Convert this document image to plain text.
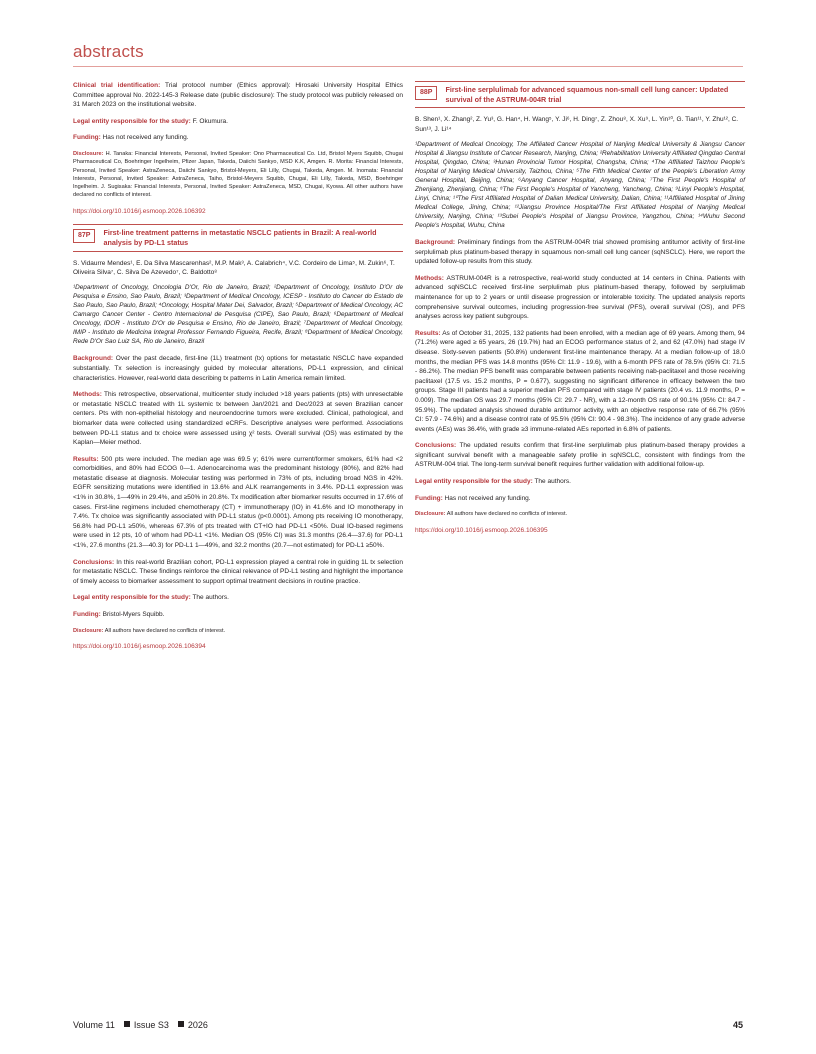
abstracts
Clinical trial identification: Trial protocol number (Ethics approval): Hirosaki University Hospital Ethics Committee approval No. 2022-145-3 Release date (public disclosure): The study protocol was publicly released on 31 March 2023 on the institutional website.
Legal entity responsible for the study: F. Okumura.
Funding: Has not received any funding.
Disclosure: H. Tanaka: Financial Interests, Personal, Invited Speaker: Ono Pharmaceutical Co. Ltd, Bristol Myers Squibb, Chugai Pharmaceutical Co, Boehringer Ingelheim, Pfizer Japan, Takeda, Daiichi Sankyo, MSD K.K, Amgen. R. Morita: Financial Interests, Personal, Invited Speaker: AstraZeneca, Daiichi Sankyo, Bristol-Meyers, Eli Lilly, Chugai, Takeda, Amgen. M. Inomata: Financial Interests, Personal, Invited Speaker: AstraZeneca, Taiho, Bristol-Meyers Squibb, Chugai, Eli Lilly, Takeda, MSD, Boehringer Ingelheim. J. Sugisaka: Financial Interests, Personal, Invited Speaker: AstraZeneca, MSD, Chugai, Kyowa. All other authors have declared no conflicts of interest.
https://doi.org/10.1016/j.esmoop.2026.106392
87P	First-line treatment patterns in metastatic NSCLC patients in Brazil: A real-world analysis by PD-L1 status
S. Vidaurre Mendes¹, E. Da Silva Mascarenhas², M.P. Mak³, A. Calabrich⁴, V.C. Cordeiro de Lima⁵, M. Zukin⁶, T. Oliveira Silva⁷, C. Silva De Azevedo⁷, C. Baldotto⁸
¹Department of Oncology, Oncologia D'Or, Rio de Janeiro, Brazil; ²Department of Oncology, Instituto D'Or de Pesquisa e Ensino, Sao Paulo, Brazil; ³Department of Medical Oncology, ICESP - Instituto do Cancer do Estado de Sao Paulo, Sao Paulo, Brazil; ⁴Oncology, Hospital Mater Dei, Salvador, Brazil; ⁵Department of Medical Oncology, AC Camargo Cancer Center - Centro Internacional de Pesquisa (CIPE), Sao Paulo, Brazil; ⁶Department of Medical Oncology, IDOR - Instituto D'Or de Pesquisa e Ensino, Rio de Janeiro, Brazil; ⁷Department of Medical Oncology, IMIP - Instituto de Medicina Integral Professor Fernando Figueira, Recife, Brazil; ⁸Department of Medical Oncology, Rede D'Or Sao Luiz SA, Rio de Janeiro, Brazil
Background: Over the past decade, first-line (1L) treatment (tx) options for metastatic NSCLC have expanded substantially. Tx selection is increasingly guided by molecular alterations, PD-L1 expression, and clinical characteristics. However, real-world data describing tx patterns in Latin America remain limited.
Methods: This retrospective, observational, multicenter study included >18 years patients (pts) with unresectable or metastatic NSCLC treated with 1L systemic tx between Jan/2021 and Dec/2023 at seven Brazilian cancer centers. Pts with non-epithelial histology and neuroendocrine tumors were excluded. Clinical, pathological, and biomarker data were collected using standardized eCRFs. Descriptive analyses were performed. Associations between PD-L1 status and tx choice were assessed using χ² tests. Overall survival (OS) was estimated by the Kaplan—Meier method.
Results: 500 pts were included. The median age was 69.5 y; 61% were current/former smokers, 61% had <2 comorbidities, and 80% had ECOG 0—1. Adenocarcinoma was the predominant histology (80%), and 82% had metastatic disease at diagnosis. Molecular testing was performed in 73% of pts, including broad NGS in 42%. EGFR sensitizing mutations were identified in 13.6% and ALK rearrangements in 3.4%. PD-L1 expression was <1% in 30.8%, 1—49% in 29.4%, and ≥50% in 20.8%. Tx modification after biomarker results occurred in 17.6% of cases. First-line regimens included chemotherapy (CT) + immunotherapy (IO) in 41.6% and IO monotherapy in 7.4%. Tx choice was significantly associated with PD-L1 status (p<0.0001). Among pts receiving IO monotherapy, 56.8% had PD-L1 ≥50%, whereas 67.3% of pts treated with CT+IO had PD-L1 <50%. Dual IO-based regimens were used in 12 pts, 10 of whom had PD-L1 <1%. Median OS (95% CI) was 31.3 months (26.4—37.6) for PD-L1 <1%, 27.6 months (21.3—40.3) for PD-L1 1—49%, and 32.2 months (20.7—not estimated) for PD-L1 ≥50%.
Conclusions: In this real-world Brazilian cohort, PD-L1 expression played a central role in guiding 1L tx selection for metastatic NSCLC. These findings reinforce the clinical relevance of PD-L1 testing and highlight the importance of timely access to biomarker assessment to support optimal treatment decisions in routine practice.
Legal entity responsible for the study: The authors.
Funding: Bristol-Myers Squibb.
Disclosure: All authors have declared no conflicts of interest.
https://doi.org/10.1016/j.esmoop.2026.106394
88P	First-line serplulimab for advanced squamous non-small cell lung cancer: Updated survival of the ASTRUM-004R trial
B. Shen¹, X. Zhang², Z. Yu³, G. Han⁴, H. Wang⁵, Y. Ji⁶, H. Ding⁷, Z. Zhou⁸, X. Xu⁹, L. Yin¹⁰, G. Tian¹¹, Y. Zhu¹², C. Sun¹³, J. Li¹⁴
¹Department of Medical Oncology, The Affiliated Cancer Hospital of Nanjing Medical University & Jiangsu Cancer Hospital & Jiangsu Institute of Cancer Research, Nanjing, China; ²Rehabilitation University Affiliated Qingdao Central Hospital, Qingdao, China; ³Hunan Provincial Tumor Hospital, Changsha, China; ⁴The Affiliated Taizhou People's Hospital of Nanjing Medical University, Taizhou, China; ⁵The Fifth Medical Center of the People's Liberation Army General Hospital, Beijing, China; ⁶Anyang Cancer Hospital, Anyang, China; ⁷The First People's Hospital of Zhenjiang, Zhenjiang, China; ⁸The First People's Hospital of Yancheng, Yancheng, China; ⁹Linyi People's Hospital, Linyi, China; ¹⁰The First Affiliated Hospital of Dalian Medical University, Dalian, China; ¹¹Affiliated Hospital of Jining Medical College, Jining, China; ¹²Jiangsu Province Hospital/The First Affiliated Hospital of Nanjing Medical University, Nanjing, China; ¹³Subei People's Hospital of Jiangsu Province, Yangzhou, China; ¹⁴Wuhu Second People's Hospital, Wuhu, China
Background: Preliminary findings from the ASTRUM-004R trial showed promising antitumor activity of first-line serplulimab plus platinum-based therapy in squamous non-small cell lung cancer (sqNSCLC). Here, we report the updated follow-up results from this study.
Methods: ASTRUM-004R is a retrospective, real-world study conducted at 14 centers in China. Patients with advanced sqNSCLC received first-line serplulimab plus platinum-based therapy, followed by serplulimab maintenance for up to 2 years or until disease progression or intolerable toxicity. The updated analysis reports comprehensive survival outcomes, including progression-free survival (PFS), overall survival (OS), and PFS analyses across key patient subgroups.
Results: As of October 31, 2025, 132 patients had been enrolled, with a median age of 69 years. Among them, 94 (71.2%) were aged ≥ 65 years, 26 (19.7%) had an ECOG performance status of 2, and 62 (47.0%) had stage IV disease. Sixty-seven patients (50.8%) underwent first-line maintenance therapy. At a median follow-up of 18.0 months, the median PFS was 14.8 months (95% CI: 11.9 - 19.6), with a 6-month PFS rate of 78.5% (95% CI: 71.5 - 86.2%). The median PFS benefit was comparable between patients receiving nab-paclitaxel and those receiving paclitaxel (17.5 vs. 15.2 months, P = 0.677), suggesting no significant difference in efficacy between the two groups. Stage III patients had a superior median PFS compared with stage IV patients (20.4 vs. 11.9 months, P = 0.009). The median OS was 29.7 months (95% CI: 29.7 - NR), with a 12-month OS rate of 90.1% (95% CI: 84.7 - 95.9%). The updated analysis showed durable antitumor activity, with an objective response rate of 66.7% (95% CI: 57.9 - 74.6%) and a disease control rate of 95.5% (95% CI: 90.4 - 98.3%). The incidence of any grade adverse events (AEs) was 36.4%, with grade ≥3 immune-related AEs reported in 6.8% of patients.
Conclusions: The updated results confirm that first-line serplulimab plus platinum-based therapy provides a significant survival benefit with a manageable safety profile in sqNSCLC, consistent with findings from the ASTRUM-004 trial. The long-term survival benefit requires further validation with additional follow-up.
Legal entity responsible for the study: The authors.
Funding: Has not received any funding.
Disclosure: All authors have declared no conflicts of interest.
https://doi.org/10.1016/j.esmoop.2026.106395
Volume 11 Issue S3 2026	45
